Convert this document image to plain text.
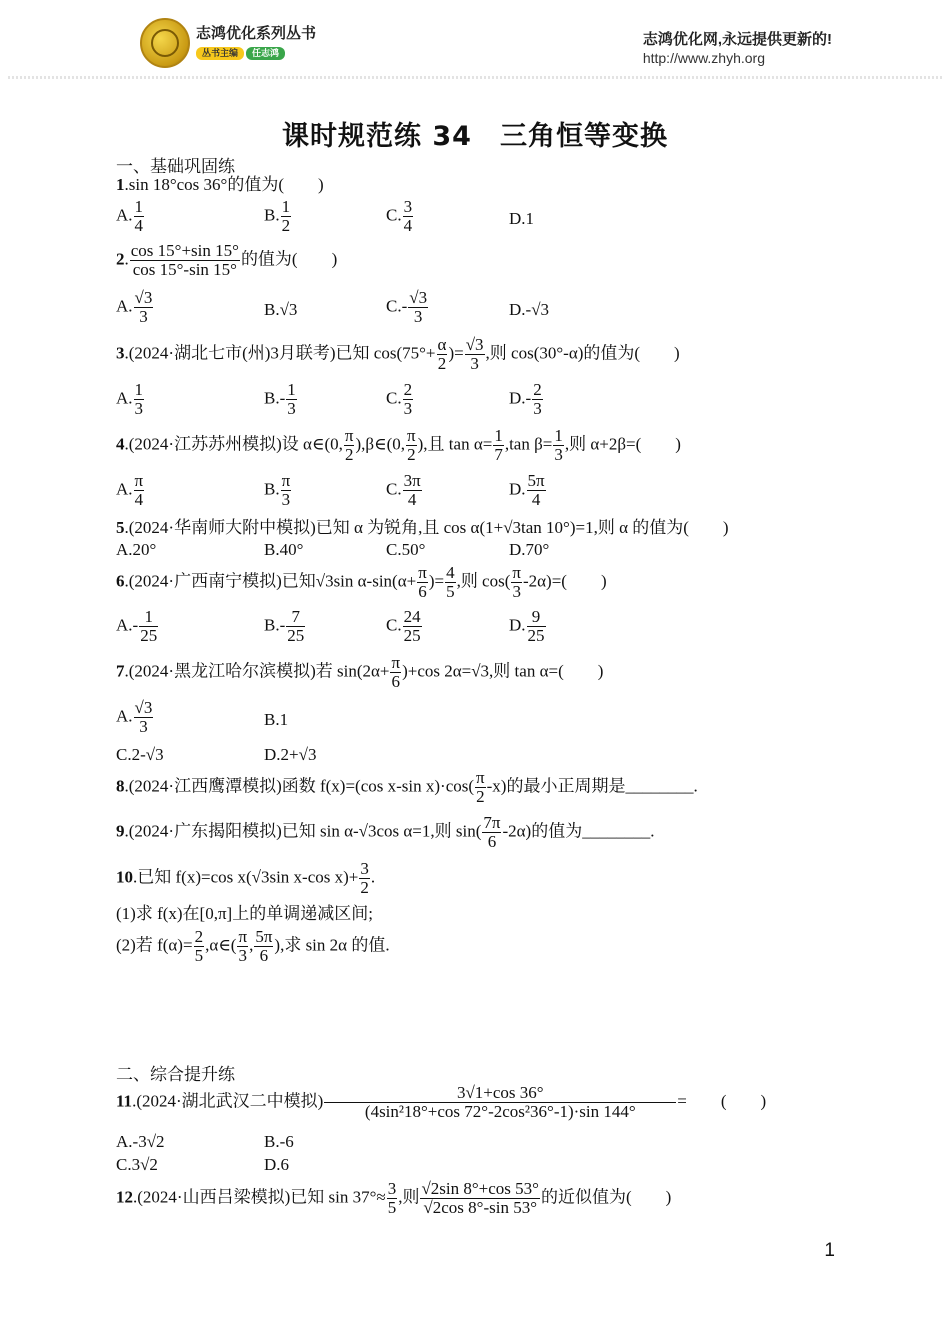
志鸿优化系列丛书
丛书主编	任志鸿
志鸿优化网,永远提供更新的!
http://www.zhyh.org
课时规范练 34　三角恒等变换
一、基础巩固练
1.sin 18°cos 36°的值为(　　)
A. $\frac{1}{4}$	B. $\frac{1}{2}$	C. $\frac{3}{4}$	D.1
2. $\frac{\cos 15^\circ+\sin 15^\circ}{\cos 15^\circ-\sin 15^\circ}$ 的值为(　　)
A. $\frac{√3}{3}$	B.√3	$C.- \frac{√3}{3}$	D.-√3
3.(2024·湖北七市(州)3月联考)已知 $\cos(75^\circ+ \frac{\alpha}{2}$ )= $\frac{√3}{3}$ ,则 cos(30°-α)的值为(　　)
A. $\frac{1}{3}$	$B.- \frac{1}{3}$	C. $\frac{2}{3}$	$D.- \frac{2}{3}$
4.(2024·江苏苏州模拟)设 α∈(0, $\frac{\pi}{2}$ ),β∈(0, $\frac{\pi}{2}$ ),且 $\tan \alpha= \frac{1}{7} ,\tan$ $\beta= \frac{1}{3}$ ,则 α+2β=(　　)
A. $\frac{\pi}{4}$	B. $\frac{\pi}{3}$	C. $\frac{3\pi}{4}$	D. $\frac{5\pi}{4}$
5.(2024·华南师大附中模拟)已知 α 为锐角,且 cos α(1+√3tan 10°)=1,则 α 的值为(　　)
A.20°	B.40°	C.50°	D.70°
6.(2024·广西南宁模拟)已知√3sin $\alpha-\sin(\alpha+ \frac{\pi}{6}$ )= $\frac{4}{5}$ ,则 $\cos( \frac{\pi}{3} -2\alpha)=$(　　)
$A.- \frac{1}{25}$	$B.- \frac{7}{25}$	C. $\frac{24}{25}$	D. $\frac{9}{25}$
7.(2024·黑龙江哈尔滨模拟)若 $\sin(2\alpha+ \frac{\pi}{6} )+\cos$ 2α=√3,则 tan α=(　　)
A. $\frac{√3}{3}$	B.1
C.2-√3	D.2+√3
8.(2024·江西鹰潭模拟)函数 f(x)=(cos x-sin $x)\cdot\cos( \frac{\pi}{2} -x)$的最小正周期是________.
9.(2024·广东揭阳模拟)已知 sin α-√3cos α=1,则 $\sin( \frac{7\pi}{6} -2\alpha)$的值为________.
10.已知 f(x)=cos x(√3sin x-cos $x)+ \frac{3}{2}$ .
(1)求 f(x)在[0,π]上的单调递减区间;
(2)若 $f(\alpha)= \frac{2}{5}$ ,α∈( $\frac{\pi}{3}$ , $\frac{5\pi}{6}$ ),求 sin 2α 的值.
二、综合提升练
11.(2024·湖北武汉二中模拟) $\frac{3√1+\cos 36^\circ}{\text{(4sin²18°+cos 72°-2cos²36°-1)·sin 144°}}$ =　　(　　)
A.-3√2	B.-6
C.3√2	D.6
12.(2024·山西吕梁模拟)已知 $\sin 37^\circ\approx \frac{3}{5}$ ,则 $\frac{√2\sin 8^\circ+\cos 53^\circ}{√2\cos 8^\circ-\sin 53^\circ}$ 的近似值为(　　)
1
